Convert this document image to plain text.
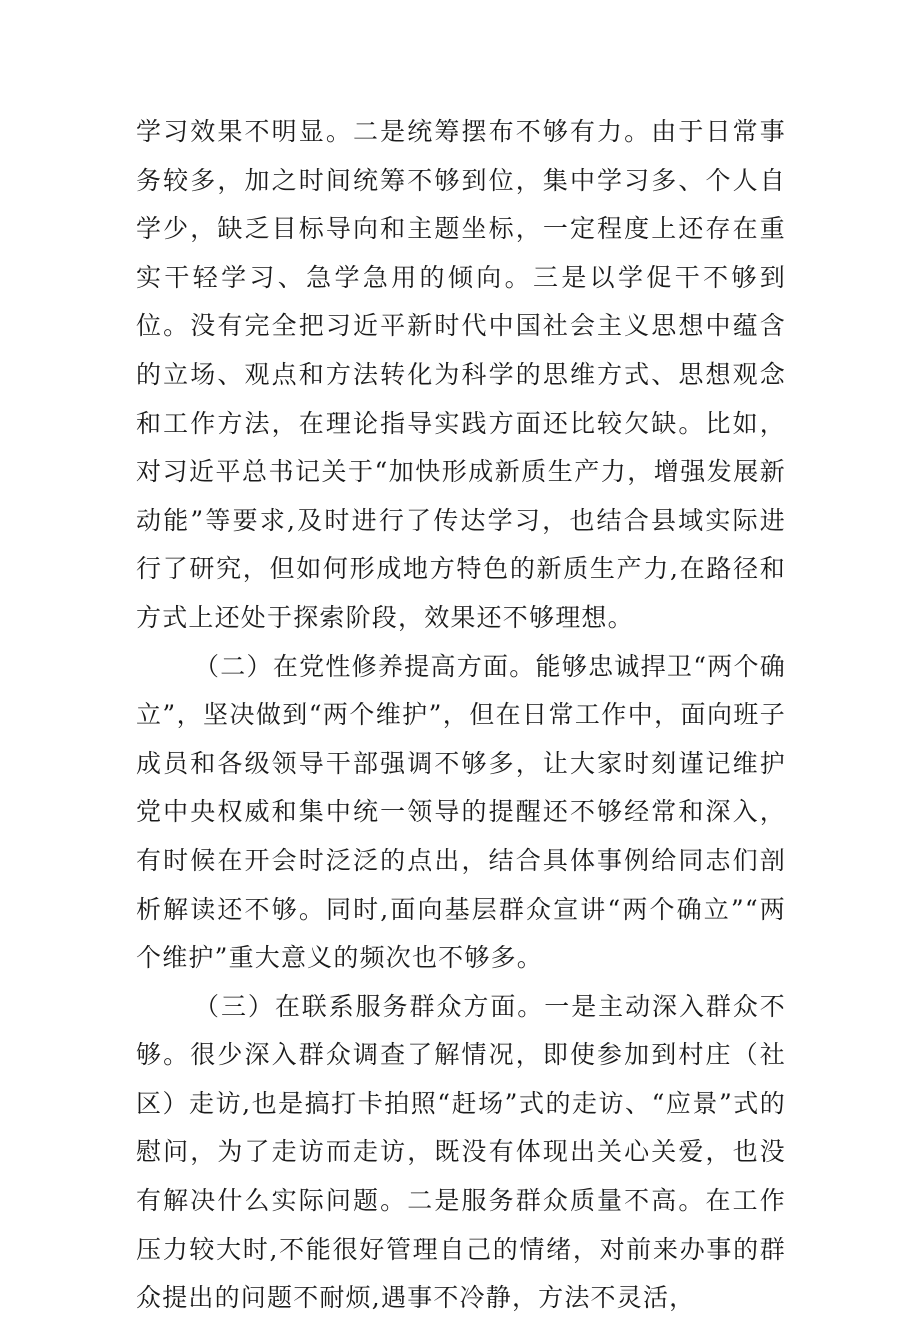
学习效果不明显。二是统筹摆布不够有力。由于日常事务较多，加之时间统筹不够到位，集中学习多、个人自学少，缺乏目标导向和主题坐标，一定程度上还存在重实干轻学习、急学急用的倾向。三是以学促干不够到位。没有完全把习近平新时代中国社会主义思想中蕴含的立场、观点和方法转化为科学的思维方式、思想观念和工作方法，在理论指导实践方面还比较欠缺。比如，对习近平总书记关于“加快形成新质生产力，增强发展新动能”等要求,及时进行了传达学习，也结合县域实际进行了研究，但如何形成地方特色的新质生产力,在路径和方式上还处于探索阶段，效果还不够理想。

（二）在党性修养提高方面。能够忠诚捍卫“两个确立”，坚决做到“两个维护”，但在日常工作中，面向班子成员和各级领导干部强调不够多，让大家时刻谨记维护党中央权威和集中统一领导的提醒还不够经常和深入，有时候在开会时泛泛的点出，结合具体事例给同志们剖析解读还不够。同时,面向基层群众宣讲“两个确立”“两个维护”重大意义的频次也不够多。

（三）在联系服务群众方面。一是主动深入群众不够。很少深入群众调查了解情况，即使参加到村庄（社区）走访,也是搞打卡拍照“赶场”式的走访、“应景”式的慰问，为了走访而走访，既没有体现出关心关爱，也没有解决什么实际问题。二是服务群众质量不高。在工作压力较大时,不能很好管理自己的情绪，对前来办事的群众提出的问题不耐烦,遇事不冷静，方法不灵活，
